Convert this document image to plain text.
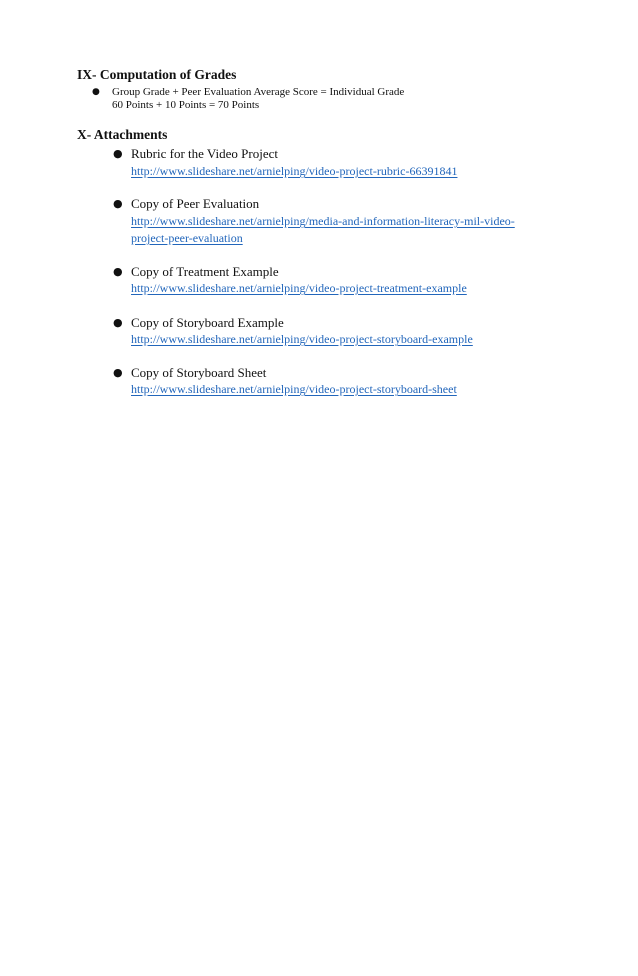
IX- Computation of Grades
● Group Grade + Peer Evaluation Average Score = Individual Grade
60 Points + 10 Points = 70 Points
X- Attachments
● Rubric for the Video Project
http://www.slideshare.net/arnielping/video-project-rubric-66391841
● Copy of Peer Evaluation
http://www.slideshare.net/arnielping/media-and-information-literacy-mil-video-
project-peer-evaluation
● Copy of Treatment Example
http://www.slideshare.net/arnielping/video-project-treatment-example
● Copy of Storyboard Example
http://www.slideshare.net/arnielping/video-project-storyboard-example
● Copy of Storyboard Sheet
http://www.slideshare.net/arnielping/video-project-storyboard-sheet
